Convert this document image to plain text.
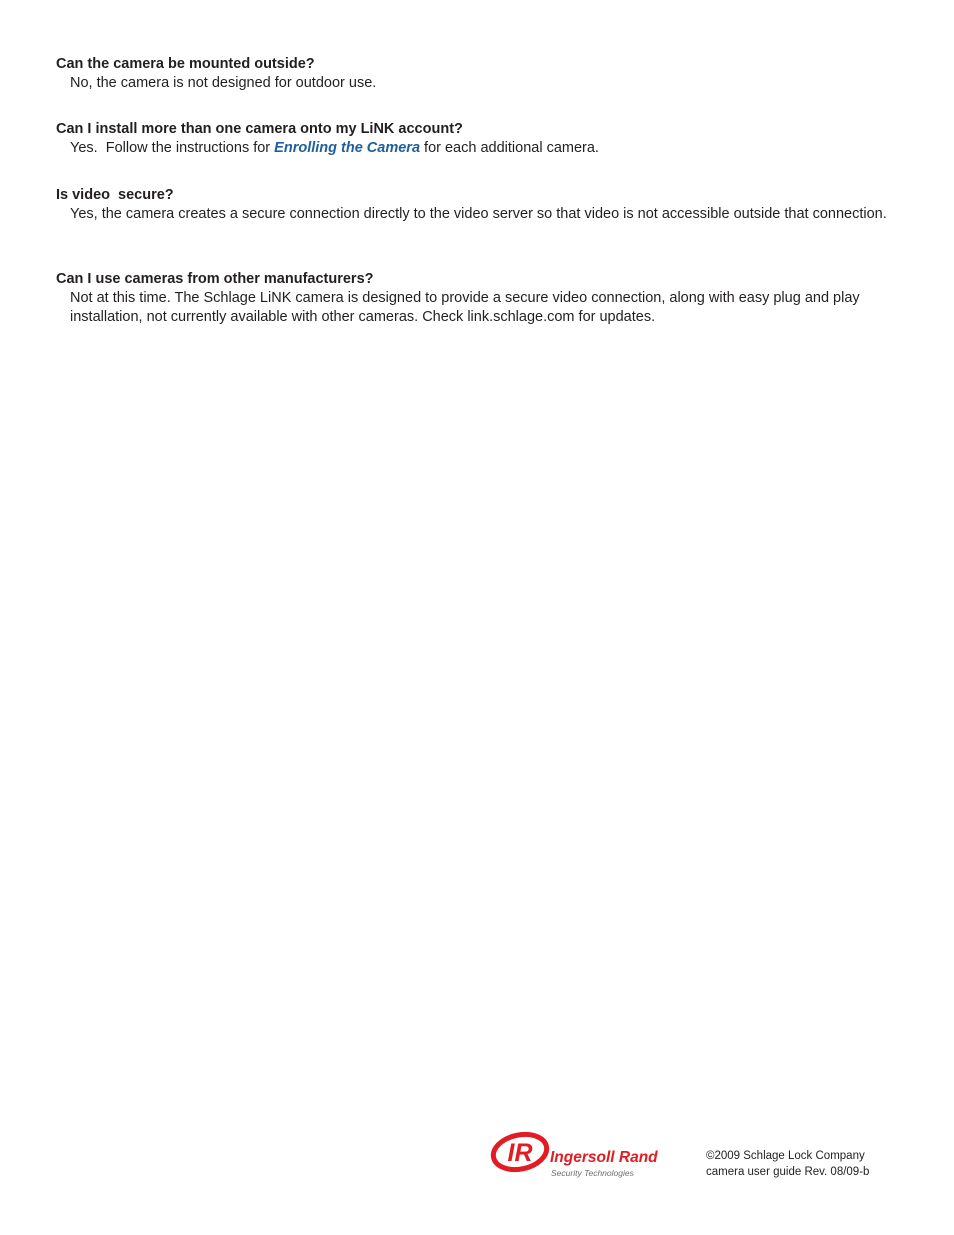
Can the camera be mounted outside?

No, the camera is not designed for outdoor use.

Can I install more than one camera onto my LiNK account?

Yes.  Follow the instructions for Enrolling the Camera for each additional camera.

Is video  secure?

Yes, the camera creates a secure connection directly to the video server so that video is not accessible outside that connection.

Can I use cameras from other manufacturers?

Not at this time. The Schlage LiNK camera is designed to provide a secure video connection, along with easy plug and play installation, not currently available with other cameras. Check link.schlage.com for updates.

IR Ingersoll Rand
Security Technologies
©2009 Schlage Lock Company
camera user guide Rev. 08/09-b
